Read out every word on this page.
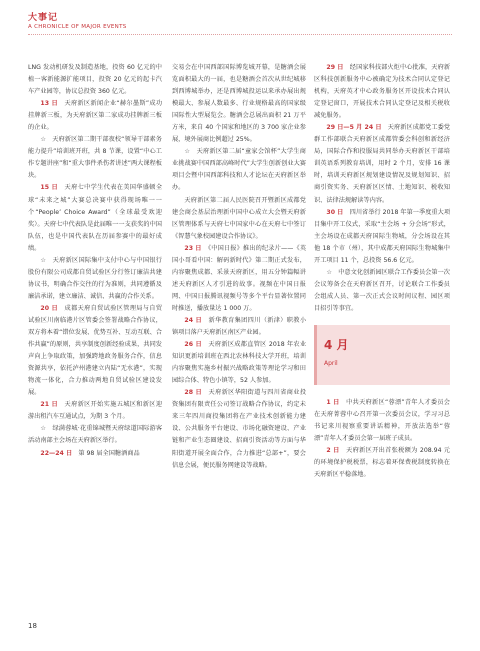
大事记
A CHRONICLE OF MAJOR EVENTS

LNG 发动机研发及制造基地，投资 60 亿元的中植一客新能源扩能项目，投资 20 亿元的起卡汽车产业园等，协议总投资 360 亿元。

13 日　 天府新区新闻企业“赫尔墨斯”成功挂牌新三板，为天府新区第二家成功挂牌新三板的企业。

☆　 天府新区第二期干部夜校“领导干部素务能力提升”培训班开班，共 8 节课，设置“中心工作专题讲座”和“重大事件杀伤者讲述”两大课程板块。

15 日　 天府七中学生代表在美国华盛顿全球“未来之城”大赛总决赛中获得现场唯一一个“People’ Choice Award”（全球最受欢迎奖）。天府七中代表队是此届唯一一支获奖的中国队伍，也是中国代表队在历届参赛中的最好成绩。

☆　 天府新区国际集中支付中心与中国银行股份有限公司成都自贸试验区分行签订廉洁共建协议书，明确合作交往的行为准则，共同遵循及廉洁承诺，建立廉洁、诚信、共赢的合作关系。

20 日　 成都天府自贸试验区管理局与自贸试验区川南临港片区管委会签署战略合作协议，双方将本着“错位发展、优势互补、互动互联、合作共赢”的原则，共享制度创新经验成果，共同发声向上争取政策，加强跨地政务服务合作，信息资源共享，依托泸州港建立内陆“无水港”，实现物流一体化，合力推动两地自贸试验区建设发展。

21 日　 天府新区开始实施五城区和新区迎游出租汽车互通试点，为期 3 个月。

☆　 绿满蓉城·花重锦城暨天府绿道国际游客活动南部主会场在天府新区举行。

22—24 日　 第 98 届全国糖酒商品

交易会在中国西部国际博览城开幕，是糖酒会展览面积最大的一届，也是糖酒会首次从世纪城移到西博城举办，还是西博城投运以来承办展出规模最大、参展人数最多、行业规格最高的国家级国际性大型展览会。糖酒会总展出面积 21 万平方米，来自 40 个国家和地区的 3 700 家企业参展，境外展商比例超过 25%。

☆　 天府新区第二届“童家会馆杯”大学生商业挑战赛中国西部高峰时代”大学生创新创业大赛项目会暨中国西部科技和人才论坛在天府新区举办。

天府新区第二届人民医院召开暨新区成都党建会商会基层治理新中国中心成立大会暨天府新区管理体系与天府七中国家中心在天府七中签订《智慧气象校园建设合作协议》。

23 日　 《中国日报》推出的纪录片——《英国小哥看中国：解码新时代》第二期正式发布，内容聚焦成都、采景天府新区，用五分钟篇幅讲述天府新区人才引进的故事。视频在中国日报网、中国日报腾讯视频号等多个平台显著位置同时推送，播放量达 1 000 万。

24 日　 新华教育集团四川（新津）职教小镇项目落户天府新区南区产业园。

26 日　 天府新区成都直管区 2018 年农业知识更新培训班在西北农林科技大学开班，培训内容聚焦实施乡村振兴战略政策等理论学习和田园综合体、特色小镇等，52 人参加。

28 日　 天府新区华阳街道与四川省商业投资集团有限责任公司签订战略合作协议，约定未来三年四川商投集团将在产业技术创新能力建设、公共服务平台建设、市场化融资建设、产业链和产业生态圈建设、招商引资活动等方面与华阳街道开展全面合作，合力推进“总部+”，要会信息会展，便民服务网建设等战略。

29 日　 经国家科技部火炬中心批准，天府新区科技创新服务中心被确定为技术合同认定登记机构，天府英才中心政务服务区开设技术合同认定登记窗口，开展技术合同认定登记及相关税收减免服务。

29 日—5 月 24 日　 天府新区成都党工委党群工作部联合天府新区成都管委会科创和新经济局，国际合作和投服局共同举办天府新区干部培训英语系列教育培训，用时 2 个月，安排 16 课时，培训天府新区规划建设情况及规划知识、招商引资实务、天府新区区情、土地知识、税收知识、法律法规解读等内容。

30 日　 四川省举行 2018 年第一季度重大项目集中开工仪式，采取“主会场 + 分会场”形式，主会场设在成都天府国际生物城，分会场设在其他 18 个市（州），其中成都天府国际生物城集中开工项目 11 个，总投资 56.6 亿元。

☆　 中意文化创新园区联合工作委员会第一次会议筹备会在天府新区召开，讨论联合工作委员会组成人员、第一次正式会议时间议程、园区项目招引等事宜。

4 月
April

1 日　 中共天府新区“蓉漂”青年人才委员会在天府菁蓉中心召开第一次委员会议，学习习总书记来川视察重要讲话精神，开放法选举“蓉漂”青年人才委员会第一届班子成员。

2 日　 天府新区开出首张税额为 208.94 元的环境保护税税票，标志着环保费税制度转换在天府新区平稳落地。

18
